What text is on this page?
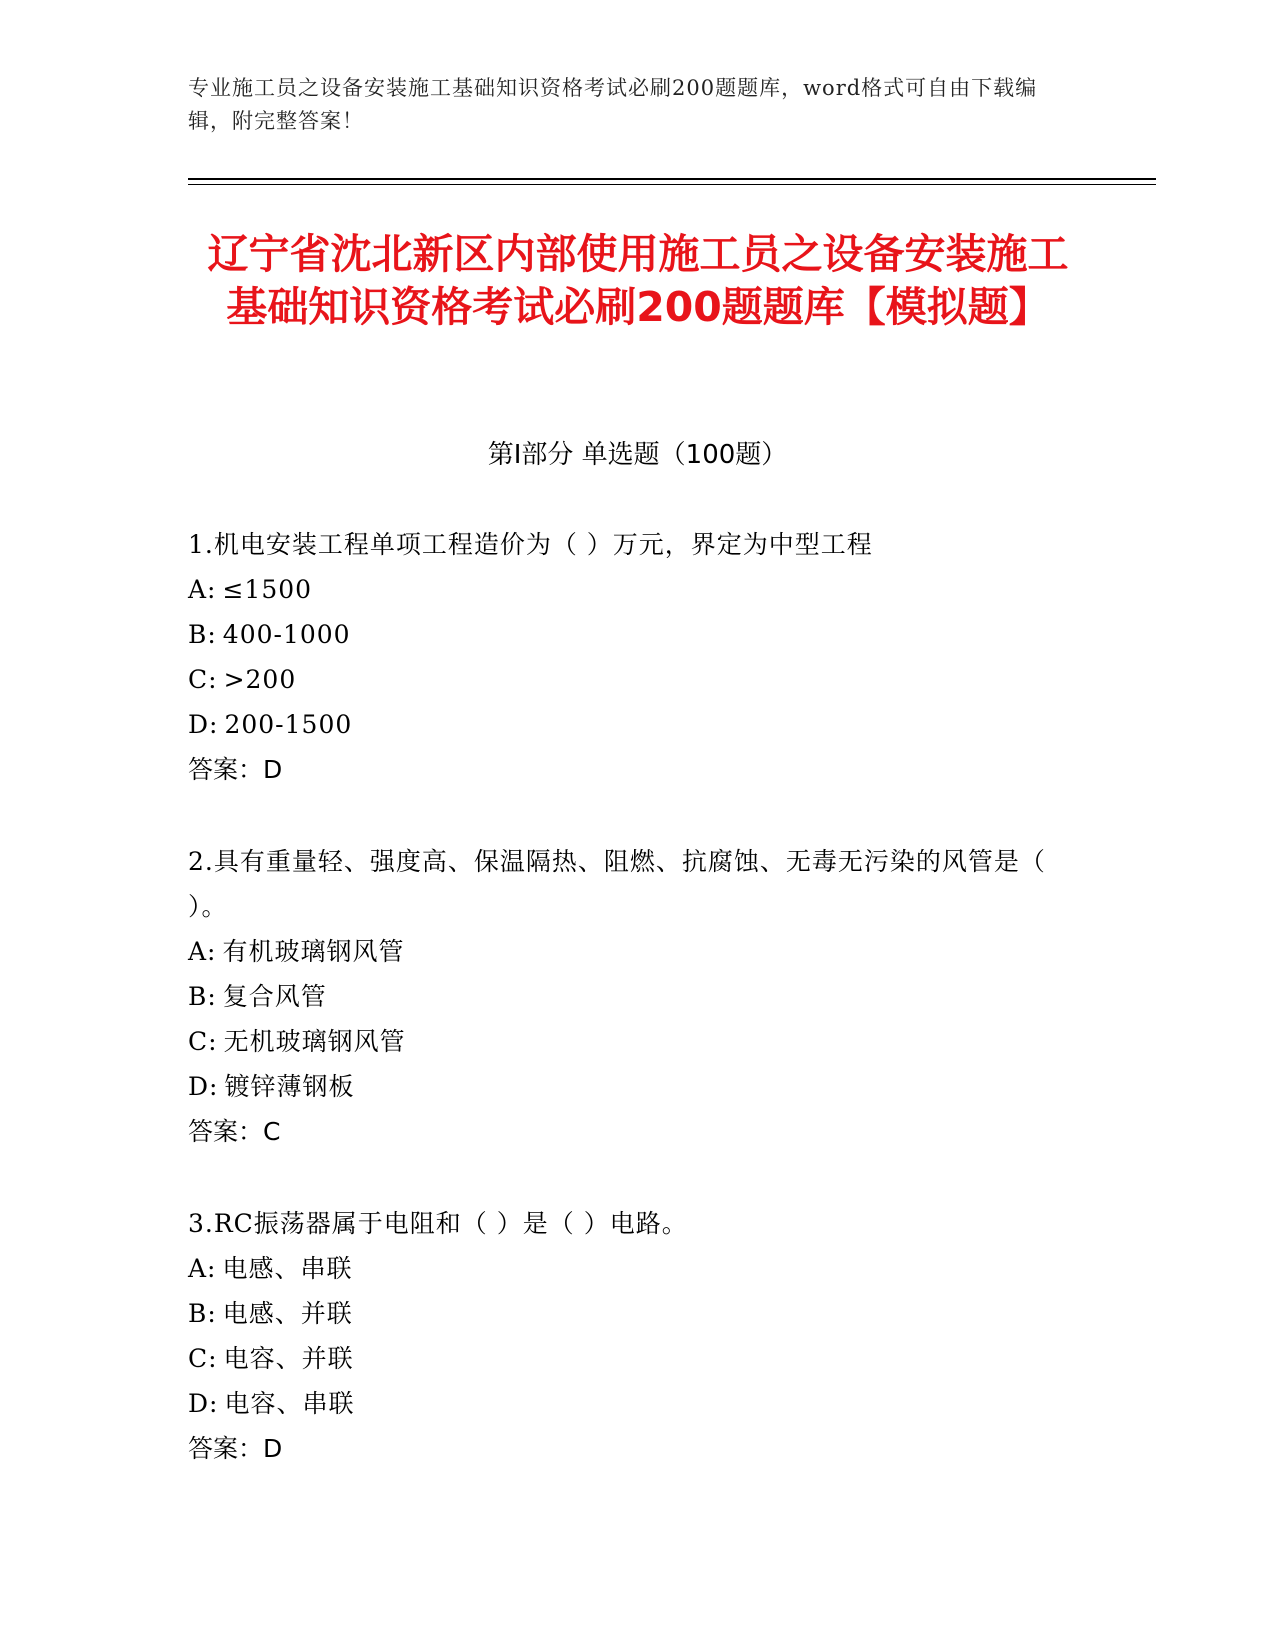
专业施工员之设备安装施工基础知识资格考试必刷200题题库，word格式可自由下载编辑，附完整答案！
辽宁省沈北新区内部使用施工员之设备安装施工基础知识资格考试必刷200题题库【模拟题】
第Ⅰ部分 单选题（100题）
1.机电安装工程单项工程造价为（ ）万元，界定为中型工程
A: ≤1500
B: 400-1000
C: >200
D: 200-1500
答案：D
2.具有重量轻、强度高、保温隔热、阻燃、抗腐蚀、无毒无污染的风管是（ ）。
A: 有机玻璃钢风管
B: 复合风管
C: 无机玻璃钢风管
D: 镀锌薄钢板
答案：C
3.RC振荡器属于电阻和（ ）是（ ）电路。
A: 电感、串联
B: 电感、并联
C: 电容、并联
D: 电容、串联
答案：D
